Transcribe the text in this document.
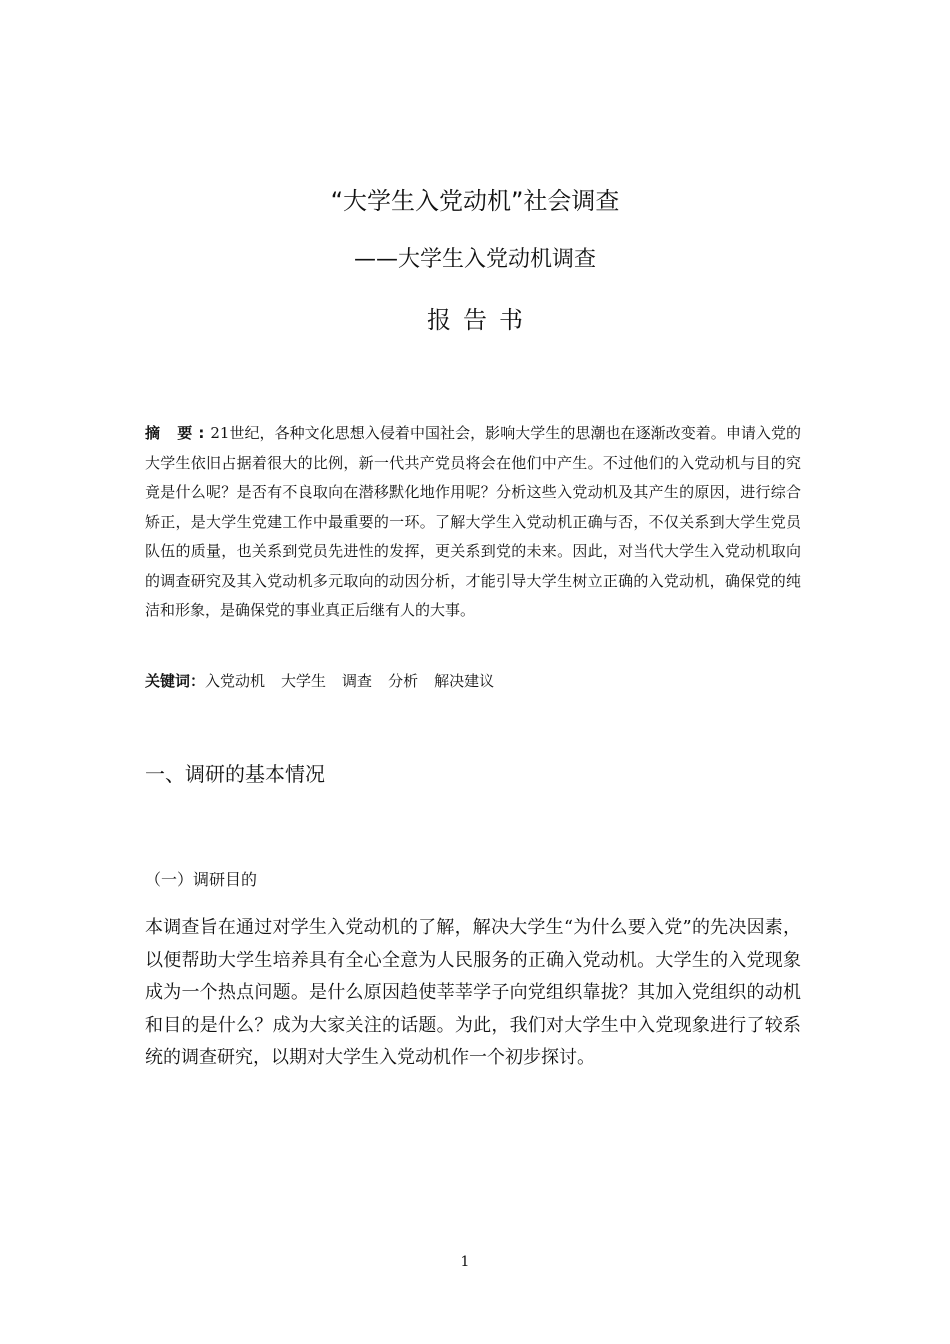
“大学生入党动机”社会调查
——大学生入党动机调查
报告书

摘 要:21世纪，各种文化思想入侵着中国社会，影响大学生的思潮也在逐渐改变着。申请入党的大学生依旧占据着很大的比例，新一代共产党员将会在他们中产生。不过他们的入党动机与目的究竟是什么呢？是否有不良取向在潜移默化地作用呢？分析这些入党动机及其产生的原因，进行综合矫正，是大学生党建工作中最重要的一环。了解大学生入党动机正确与否，不仅关系到大学生党员队伍的质量，也关系到党员先进性的发挥，更关系到党的未来。因此，对当代大学生入党动机取向的调查研究及其入党动机多元取向的动因分析，才能引导大学生树立正确的入党动机，确保党的纯洁和形象，是确保党的事业真正后继有人的大事。

关键词：入党动机 大学生 调查 分析 解决建议
一、调研的基本情况
（一）调研目的

本调查旨在通过对学生入党动机的了解，解决大学生“为什么要入党”的先决因素，以便帮助大学生培养具有全心全意为人民服务的正确入党动机。大学生的入党现象成为一个热点问题。是什么原因趋使莘莘学子向党组织靠拢？其加入党组织的动机和目的是什么？成为大家关注的话题。为此，我们对大学生中入党现象进行了较系统的调查研究，以期对大学生入党动机作一个初步探讨。

1
